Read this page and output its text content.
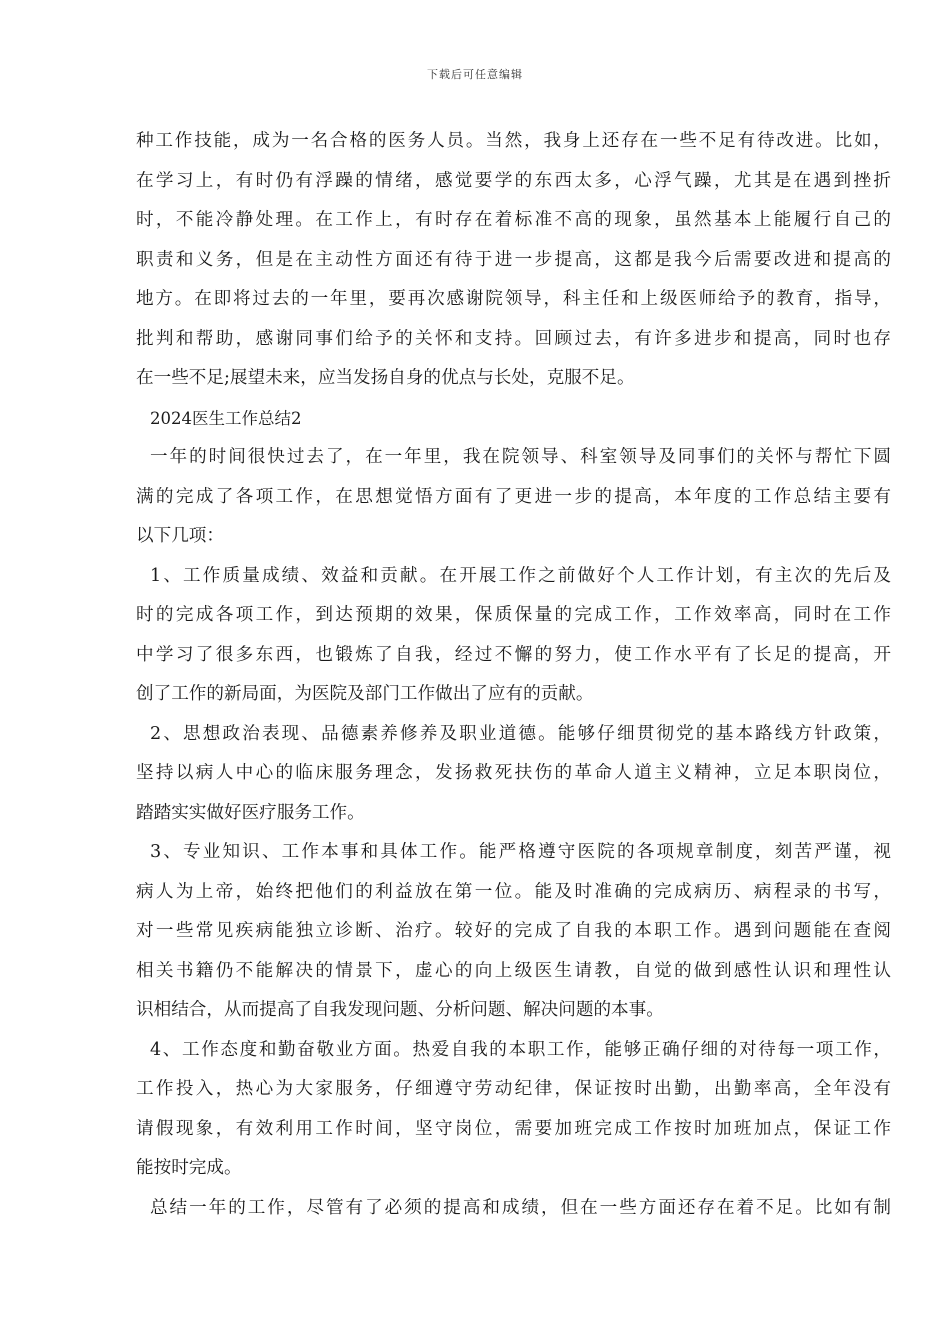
下载后可任意编辑
种工作技能，成为一名合格的医务人员。当然，我身上还存在一些不足有待改进。比如，
在学习上，有时仍有浮躁的情绪，感觉要学的东西太多，心浮气躁，尤其是在遇到挫折
时，不能冷静处理。在工作上，有时存在着标准不高的现象，虽然基本上能履行自己的
职责和义务，但是在主动性方面还有待于进一步提高，这都是我今后需要改进和提高的
地方。在即将过去的一年里，要再次感谢院领导，科主任和上级医师给予的教育，指导，
批判和帮助，感谢同事们给予的关怀和支持。回顾过去，有许多进步和提高，同时也存
在一些不足;展望未来，应当发扬自身的优点与长处，克服不足。
2024医生工作总结2
一年的时间很快过去了，在一年里，我在院领导、科室领导及同事们的关怀与帮忙下圆
满的完成了各项工作，在思想觉悟方面有了更进一步的提高，本年度的工作总结主要有
以下几项：
1、工作质量成绩、效益和贡献。在开展工作之前做好个人工作计划，有主次的先后及
时的完成各项工作，到达预期的效果，保质保量的完成工作，工作效率高，同时在工作
中学习了很多东西，也锻炼了自我，经过不懈的努力，使工作水平有了长足的提高，开
创了工作的新局面，为医院及部门工作做出了应有的贡献。
2、思想政治表现、品德素养修养及职业道德。能够仔细贯彻党的基本路线方针政策，
坚持以病人中心的临床服务理念，发扬救死扶伤的革命人道主义精神，立足本职岗位，
踏踏实实做好医疗服务工作。
3、专业知识、工作本事和具体工作。能严格遵守医院的各项规章制度，刻苦严谨，视
病人为上帝，始终把他们的利益放在第一位。能及时准确的完成病历、病程录的书写，
对一些常见疾病能独立诊断、治疗。较好的完成了自我的本职工作。遇到问题能在查阅
相关书籍仍不能解决的情景下，虚心的向上级医生请教，自觉的做到感性认识和理性认
识相结合，从而提高了自我发现问题、分析问题、解决问题的本事。
4、工作态度和勤奋敬业方面。热爱自我的本职工作，能够正确仔细的对待每一项工作，
工作投入，热心为大家服务，仔细遵守劳动纪律，保证按时出勤，出勤率高，全年没有
请假现象，有效利用工作时间，坚守岗位，需要加班完成工作按时加班加点，保证工作
能按时完成。
总结一年的工作，尽管有了必须的提高和成绩，但在一些方面还存在着不足。比如有制
